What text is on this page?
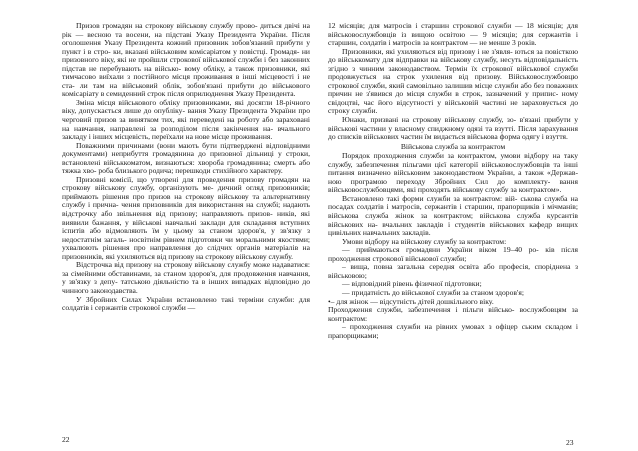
Призов громадян на строкову військову службу прово- диться двічі на рік — весною та восени, на підставі Указу Президента України. Після оголошення Указу Президента кожний призовник зобов'язаний прибути у пункт і в стро- ки, вказані військовим комісаріатом у повістці. Громадя- ни призовного віку, які не пройшли строкової військової служби і без законних підстав не перебувають на військо- вому обліку, а також призовники, які тимчасово виїхали з постійного місця проживання в інші місцевості і не ста- ли там на військовий облік, зобов'язані прибути до військового комісаріату в семиденний строк після оприлюднення Указу Президента.

Зміна місця військового обліку призовниками, які досягли 18-річного віку, допускається лише до опубліку- вання Указу Президента України про черговий призов за винятком тих, які переведені на роботу або зараховані на навчання, направлені за розподілом після закінчення на- вчального закладу і інших місцевість, переїхали на нове місце проживання.

Поважними причинами (вони мають бути підтверджені відповідними документами) неприбуття громадянина до призовної дільниці у строки, встановлені військкоматом, визнаються: хвороба громадянина; смерть або тяжка хво- роба близького родича; перешкоди стихійного характеру.

Призовні комісії, що утворені для проведення призову громадян на строкову військову службу, організують ме- дичний огляд призовників; приймають рішення про призов на строкову військову та альтернативну службу і прична- чення призовників для використання на службі; надають відстрочку або звільнення від призову; направляють призов- ників, які виявили бажання, у військові навчальні заклади для складання вступних іспитів або відмовляють їм у цьому за станом здоров'я, у зв'язку з недостатнім загаль- носвітнім рівнем підготовки чи моральними якостями; ухвалюють рішення про направлення до слідчих органів матеріалів на призовників, які ухиляються від призову на строкову військову службу.

Відстрочка від призову на строкову військову службу може надаватися: за сімейними обставинами, за станом здоров'я, для продовження навчання, у зв'язку з депу- татською діяльністю та в інших випадках відповідно до чинного законодавства.

У Збройних Силах України встановлено такі терміни служби: для солдатів і сержантів строкової служби —

22

12 місяців; для матросів і старшин строкової служби — 18 місяців; для військовослужбовців із вищою освітою — 9 місяців; для сержантів і старшин, солдатів і матросів за контрактом — не менше 3 років.

Призовники, які ухиляються від призову і не з'явля- ються за повісткою до військкомату для відправки на військову службу, несуть відповідальність згідно з чинним законодавством. Термін їх строкової військової служби продовжується на строк ухилення від призову. Військовослужбовцю строкової служби, який самовільно залишив місце служби або без поважних причин не з'явився до місця служби в строк, зазначений у припис- ному свідоцтві, час його відсутності у військовій частині не зараховується до строку служби.

Юнаки, призвані на строкову військову службу, зо- в'язані прибути у військові частини у власному спиджному одязі та взутті. Після зарахування до списків військових частин їм видається військова форма одягу і взуття.

Військова служба за контрактом

Порядок проходження служби за контрактом, умови відбору на таку службу, забезпечення пільгами цієї категорії військовослужбовців та інші питання визначено військовим законодавством України, а також «Держав- ною програмою переходу Збройних Сил до комплекту- вання військовослужбовцями, які проходять військову службу за контрактом».

Встановлено такі форми служби за контрактом: вій- ськова служба на посадах солдатів і матросів, сержантів і старшин, прапорщиків і мічманів; військова служба жінок за контрактом; військова служба курсантів військових на- вчальних закладів і студентів військових кафедр вищих цивільних навчальних закладів.

Умови відбору на військову службу за контрактом:

— приймаються громадяни України віком 19–40 ро- ків після проходження строкової військової служби;

– вища, повна загальна середня освіта або професія, споріднена з військовою;

— відповідний рівень фізичної підготовки;

— придатність до військової служби за станом здоров'я;

•– для жінок — відсутність дітей дошкільного віку.

Проходження служби, забезпечення і пільги військо- вослужбовцям за контрактом:

– проходження служби на рівних умовах з офіцер ським складом і прапорщиками;

23
